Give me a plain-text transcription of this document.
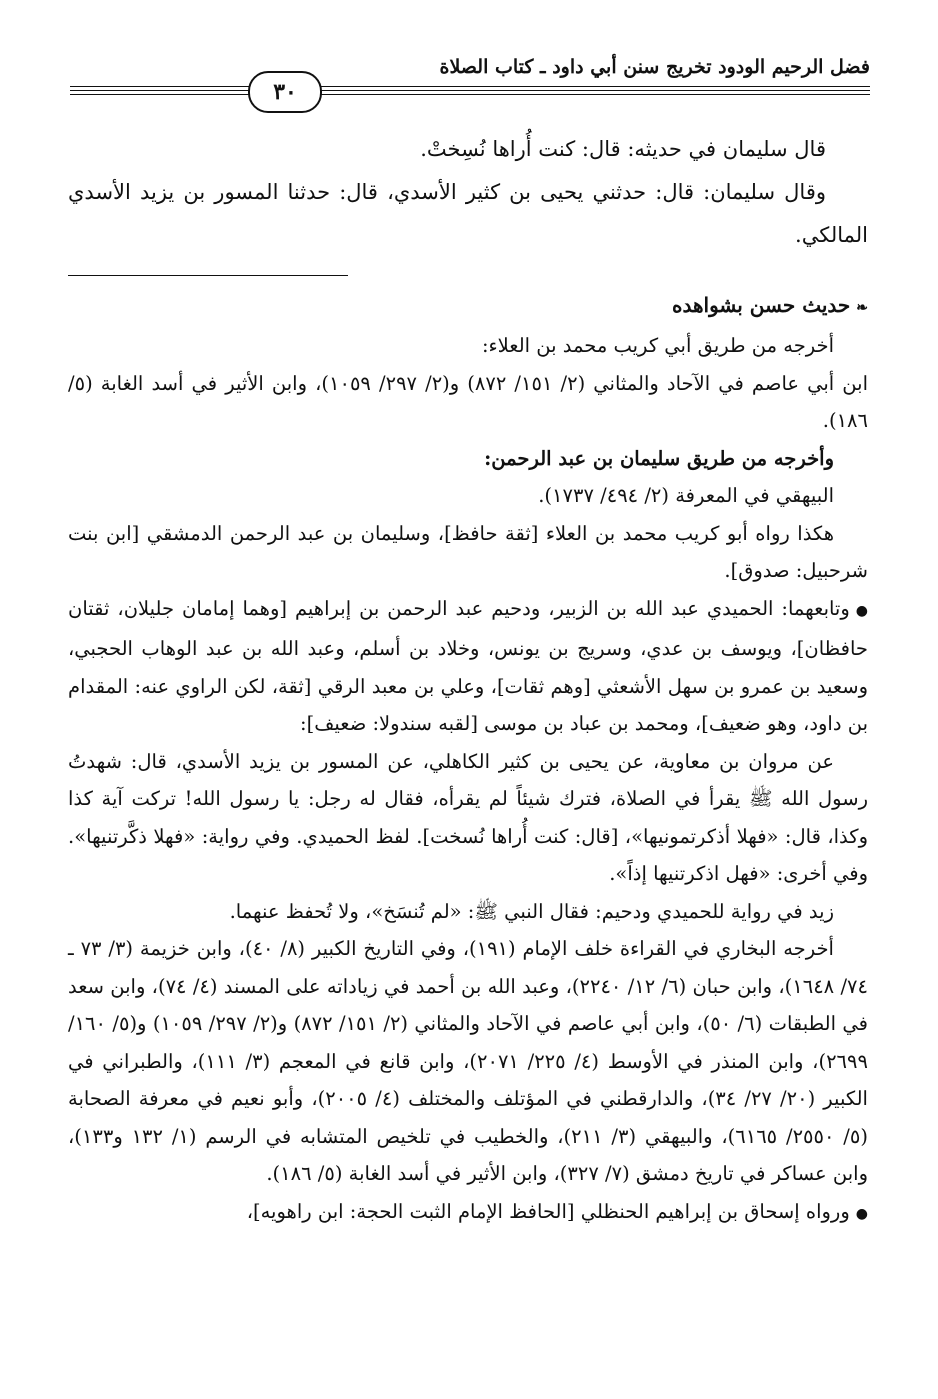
فضل الرحيم الودود تخريج سنن أبي داود ـ كتاب الصلاة
٣٠

قال سليمان في حديثه: قال: كنت أُراها نُسِختْ.

وقال سليمان: قال: حدثني يحيى بن كثير الأسدي، قال: حدثنا المسور بن يزيد الأسدي المالكي.

❧حديث حسن بشواهده

أخرجه من طريق أبي كريب محمد بن العلاء:

ابن أبي عاصم في الآحاد والمثاني (٢/ ١٥١/ ٨٧٢) و(٢/ ٢٩٧/ ١٠٥٩)، وابن الأثير في أسد الغابة (٥/ ١٨٦).

وأخرجه من طريق سليمان بن عبد الرحمن:

البيهقي في المعرفة (٢/ ٤٩٤/ ١٧٣٧).

هكذا رواه أبو كريب محمد بن العلاء [ثقة حافظ]، وسليمان بن عبد الرحمن الدمشقي [ابن بنت شرحبيل: صدوق].

●وتابعهما: الحميدي عبد الله بن الزبير، ودحيم عبد الرحمن بن إبراهيم [وهما إمامان جليلان، ثقتان حافظان]، ويوسف بن عدي، وسريج بن يونس، وخلاد بن أسلم، وعبد الله بن عبد الوهاب الحجبي، وسعيد بن عمرو بن سهل الأشعثي [وهم ثقات]، وعلي بن معبد الرقي [ثقة، لكن الراوي عنه: المقدام بن داود، وهو ضعيف]، ومحمد بن عباد بن موسى [لقبه سندولا: ضعيف]:

عن مروان بن معاوية، عن يحيى بن كثير الكاهلي، عن المسور بن يزيد الأسدي، قال: شهدتُ رسول الله ﷺ يقرأ في الصلاة، فترك شيئاً لم يقرأه، فقال له رجل: يا رسول الله! تركت آية كذا وكذا، قال: «فهلا أذكرتمونيها»، [قال: كنت أُراها نُسخت]. لفظ الحميدي. وفي رواية: «فهلا ذكَّرتنيها». وفي أخرى: «فهل اذكرتنيها إذاً».

زيد في رواية للحميدي ودحيم: فقال النبي ﷺ: «لم تُنسَخ»، ولا تُحفظ عنهما.

أخرجه البخاري في القراءة خلف الإمام (١٩١)، وفي التاريخ الكبير (٨/ ٤٠)، وابن خزيمة (٣/ ٧٣ ـ ٧٤/ ١٦٤٨)، وابن حبان (٦/ ١٢/ ٢٢٤٠)، وعبد الله بن أحمد في زياداته على المسند (٤/ ٧٤)، وابن سعد في الطبقات (٦/ ٥٠)، وابن أبي عاصم في الآحاد والمثاني (٢/ ١٥١/ ٨٧٢) و(٢/ ٢٩٧/ ١٠٥٩) و(٥/ ١٦٠/ ٢٦٩٩)، وابن المنذر في الأوسط (٤/ ٢٢٥/ ٢٠٧١)، وابن قانع في المعجم (٣/ ١١١)، والطبراني في الكبير (٢٠/ ٢٧/ ٣٤)، والدارقطني في المؤتلف والمختلف (٤/ ٢٠٠٥)، وأبو نعيم في معرفة الصحابة (٥/ ٢٥٥٠/ ٦١٦٥)، والبيهقي (٣/ ٢١١)، والخطيب في تلخيص المتشابه في الرسم (١/ ١٣٢ و١٣٣)، وابن عساكر في تاريخ دمشق (٧/ ٣٢٧)، وابن الأثير في أسد الغابة (٥/ ١٨٦).

●ورواه إسحاق بن إبراهيم الحنظلي [الحافظ الإمام الثبت الحجة: ابن راهويه]،
